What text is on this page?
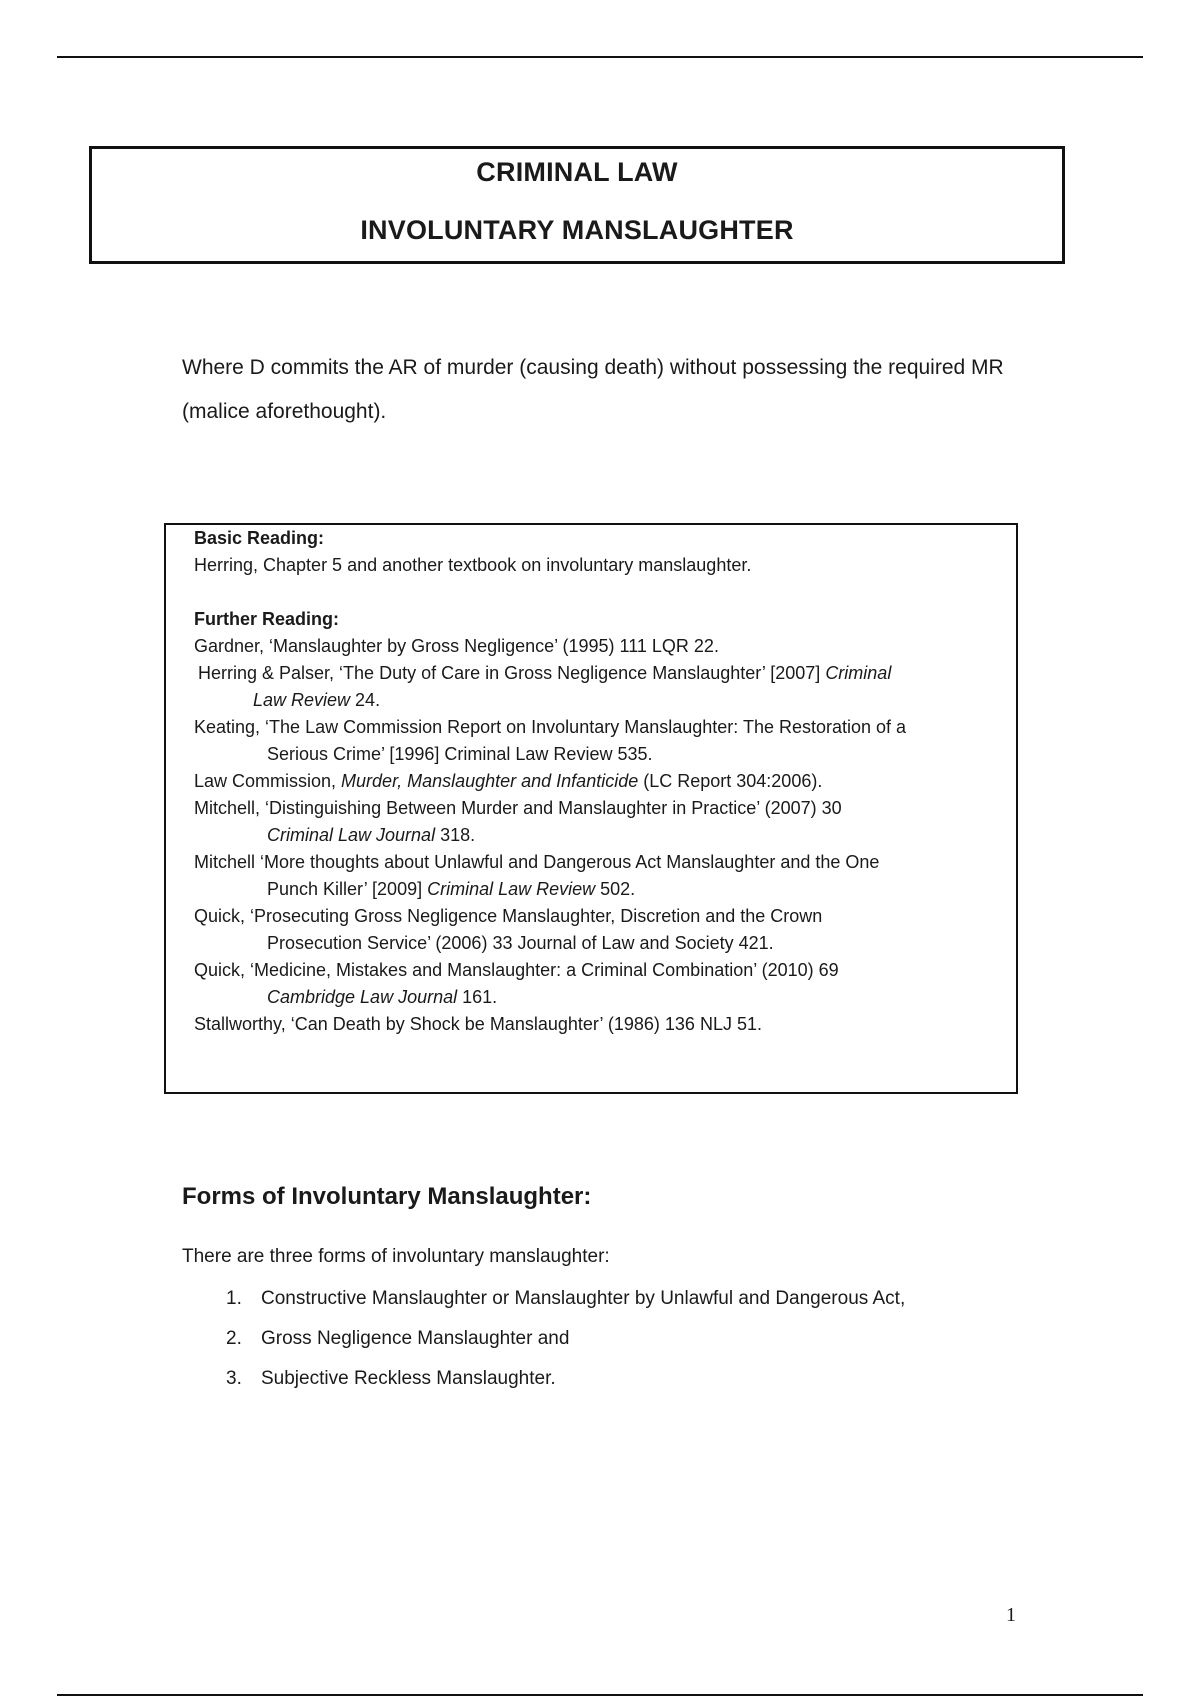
CRIMINAL LAW
INVOLUNTARY MANSLAUGHTER
Where D commits the AR of murder (causing death) without possessing the required MR (malice aforethought).
Basic Reading:
Herring, Chapter 5 and another textbook on involuntary manslaughter.
Further Reading:
Gardner, ‘Manslaughter by Gross Negligence’ (1995) 111 LQR 22.
Herring & Palser, ‘The Duty of Care in Gross Negligence Manslaughter’ [2007] Criminal
Law Review 24.
Keating, ‘The Law Commission Report on Involuntary Manslaughter: The Restoration of a
Serious Crime’ [1996] Criminal Law Review 535.
Law Commission, Murder, Manslaughter and Infanticide (LC Report 304:2006).
Mitchell, ‘Distinguishing Between Murder and Manslaughter in Practice’ (2007) 30
Criminal Law Journal 318.
Mitchell ‘More thoughts about Unlawful and Dangerous Act Manslaughter and the One
Punch Killer’ [2009] Criminal Law Review 502.
Quick, ‘Prosecuting Gross Negligence Manslaughter, Discretion and the Crown
Prosecution Service’ (2006) 33 Journal of Law and Society 421.
Quick, ‘Medicine, Mistakes and Manslaughter: a Criminal Combination’ (2010) 69
Cambridge Law Journal 161.
Stallworthy, ‘Can Death by Shock be Manslaughter’ (1986) 136 NLJ 51.
Forms of Involuntary Manslaughter:
There are three forms of involuntary manslaughter:
1. Constructive Manslaughter or Manslaughter by Unlawful and Dangerous Act,
2. Gross Negligence Manslaughter and
3. Subjective Reckless Manslaughter.
1
